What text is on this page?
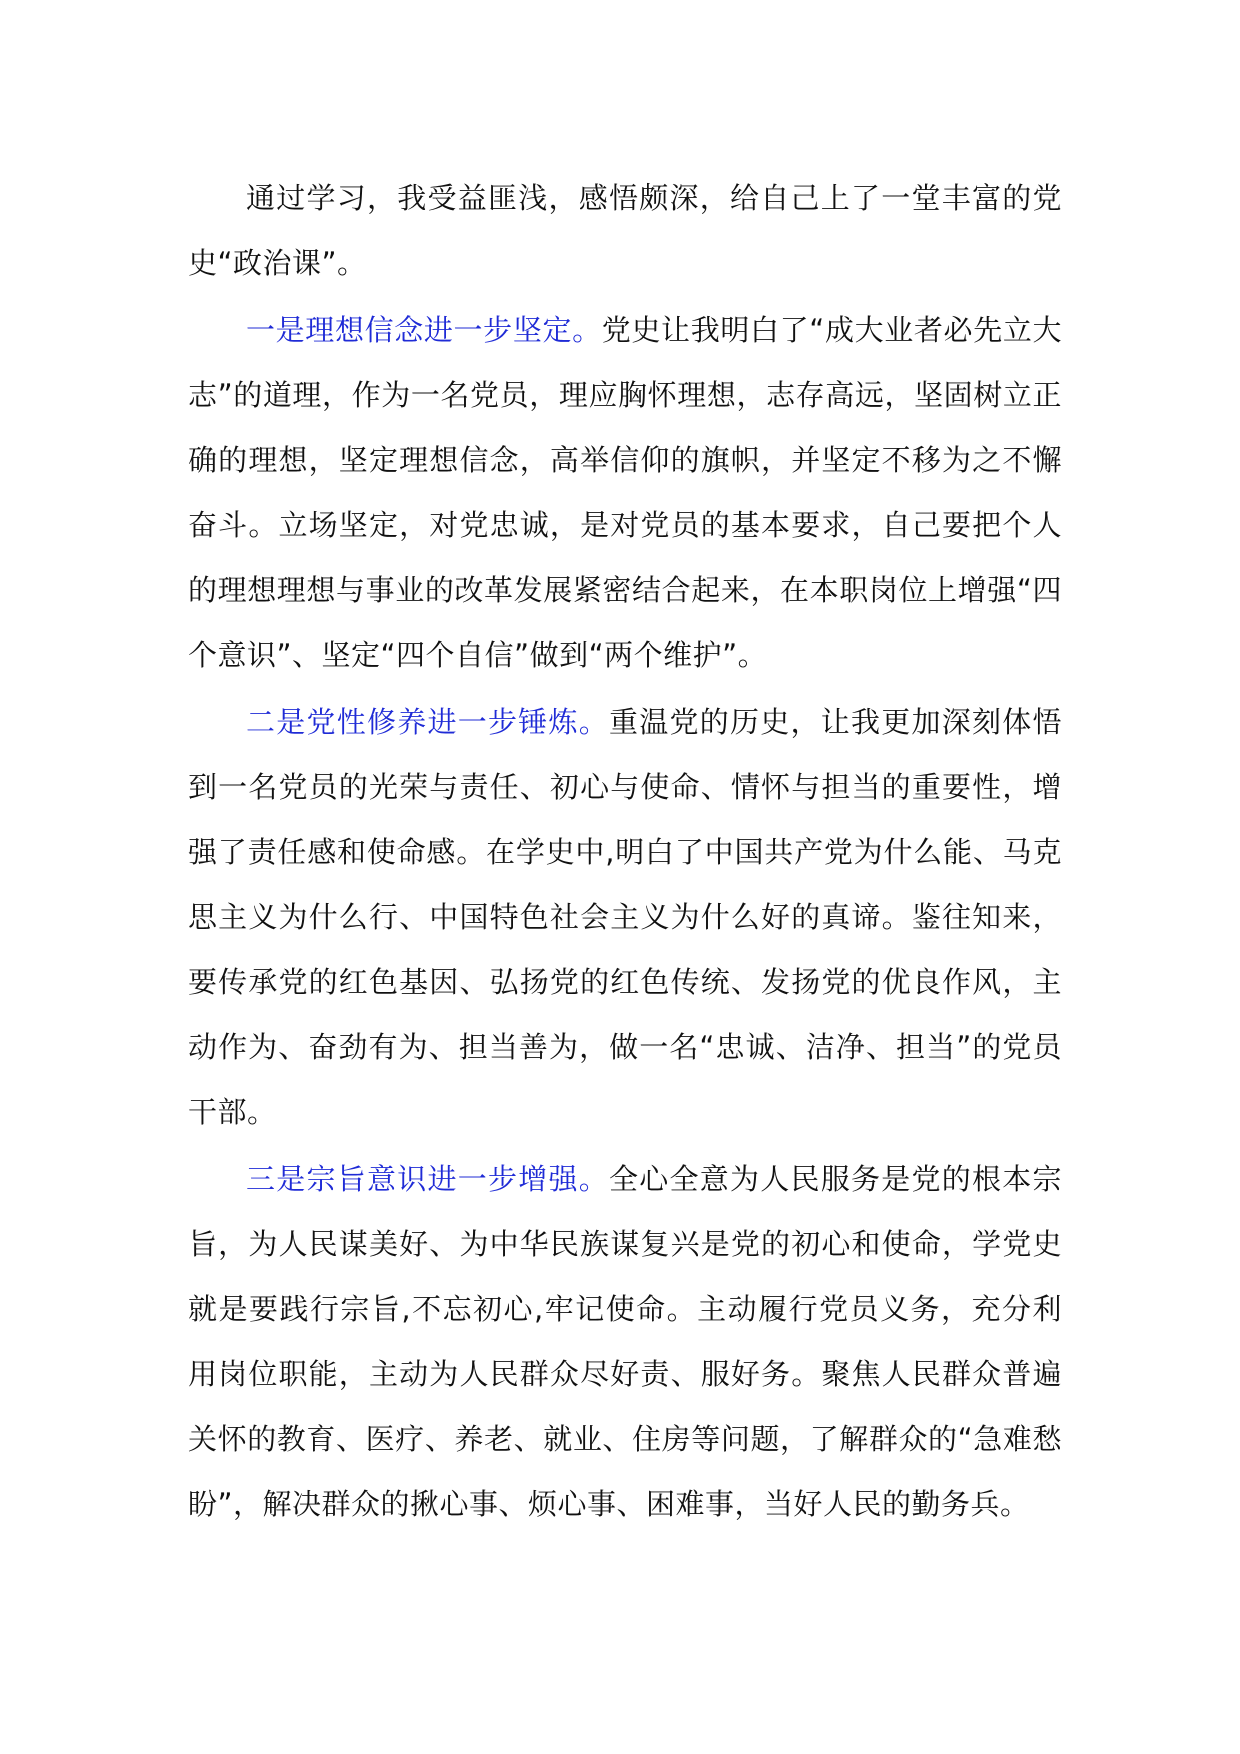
通过学习，我受益匪浅，感悟颇深，给自己上了一堂丰富的党史“政治课”。

一是理想信念进一步坚定。党史让我明白了“成大业者必先立大志”的道理，作为一名党员，理应胸怀理想，志存高远，坚固树立正确的理想，坚定理想信念，高举信仰的旗帜，并坚定不移为之不懈奋斗。立场坚定，对党忠诚，是对党员的基本要求，自己要把个人的理想理想与事业的改革发展紧密结合起来，在本职岗位上增强“四个意识”、坚定“四个自信”做到“两个维护”。

二是党性修养进一步锤炼。重温党的历史，让我更加深刻体悟到一名党员的光荣与责任、初心与使命、情怀与担当的重要性，增强了责任感和使命感。在学史中,明白了中国共产党为什么能、马克思主义为什么行、中国特色社会主义为什么好的真谛。鉴往知来，要传承党的红色基因、弘扬党的红色传统、发扬党的优良作风，主动作为、奋劲有为、担当善为，做一名“忠诚、洁净、担当”的党员干部。

三是宗旨意识进一步增强。全心全意为人民服务是党的根本宗旨，为人民谋美好、为中华民族谋复兴是党的初心和使命，学党史就是要践行宗旨,不忘初心,牢记使命。主动履行党员义务，充分利用岗位职能，主动为人民群众尽好责、服好务。聚焦人民群众普遍关怀的教育、医疗、养老、就业、住房等问题，了解群众的“急难愁盼”，解决群众的揪心事、烦心事、困难事，当好人民的勤务兵。
